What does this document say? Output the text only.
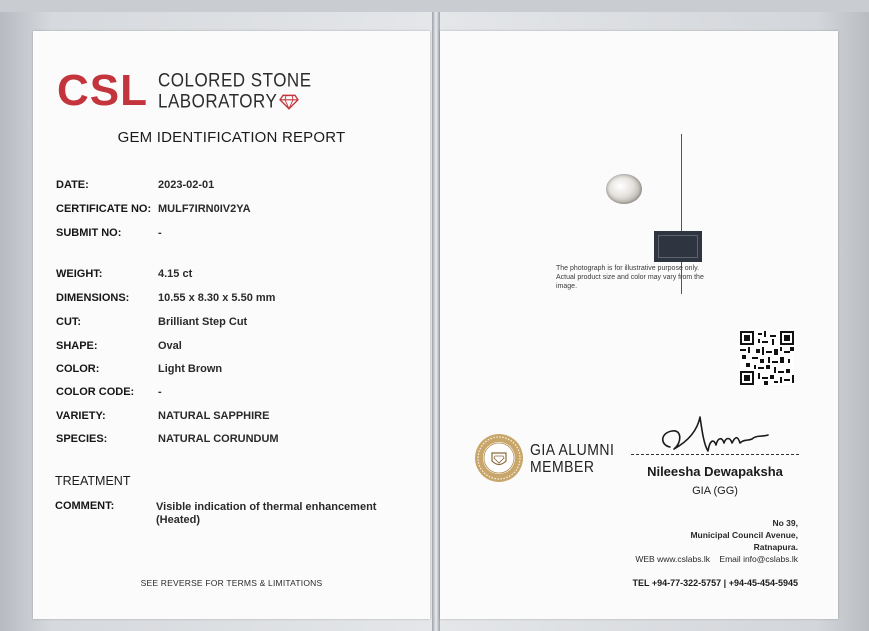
CSL COLORED STONE
LABORATORY
GEM IDENTIFICATION REPORT
DATE:	2023-02-01
CERTIFICATE NO: MULF7IRN0IV2YA
SUBMIT NO:	-
WEIGHT:	4.15 ct
DIMENSIONS:	10.55 x 8.30 x 5.50 mm
CUT:	Brilliant Step Cut
SHAPE:	Oval
COLOR:	Light Brown
COLOR CODE: -
VARIETY:	NATURAL SAPPHIRE
SPECIES:	NATURAL CORUNDUM
TREATMENT
COMMENT:	Visible indication of thermal enhancement
(Heated)
SEE REVERSE FOR TERMS & LIMITATIONS
The photograph is for illustrative purpose only. Actual product size and color may vary from the image.
GIA ALUMNI
MEMBER	Nileesha Dewapaksha
GIA (GG)
No 39,
Municipal Council Avenue,
Ratnapura.
WEB www.cslabs.lk Email info@cslabs.lk
TEL +94-77-322-5757 | +94-45-454-5945
